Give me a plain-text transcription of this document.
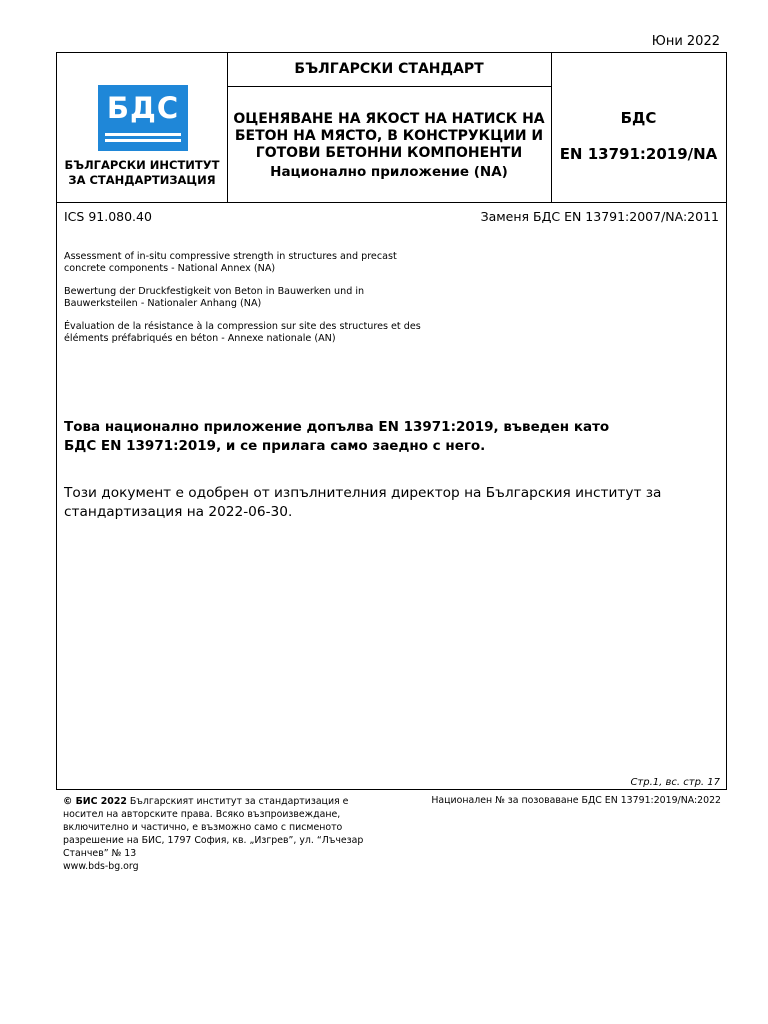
Юни 2022
БДС
БЪЛГАРСКИ ИНСТИТУТ ЗА СТАНДАРТИЗАЦИЯ
БЪЛГАРСКИ СТАНДАРТ
ОЦЕНЯВАНЕ НА ЯКОСТ НА НАТИСК НА БЕТОН НА МЯСТО, В КОНСТРУКЦИИ И ГОТОВИ БЕТОННИ КОМПОНЕНТИ
Национално приложение (NA)
БДС
EN 13791:2019/NA
ICS 91.080.40	Заменя БДС EN 13791:2007/NA:2011

Assessment of in-situ compressive strength in structures and precast concrete components - National Annex (NA)

Bewertung der Druckfestigkeit von Beton in Bauwerken und in Bauwerksteilen - Nationaler Anhang (NA)

Évaluation de la résistance à la compression sur site des structures et des éléments préfabriqués en béton - Annexe nationale (AN)

Това национално приложение допълва EN 13971:2019, въведен като БДС EN 13971:2019, и се прилага само заедно с него.
Този документ е одобрен от изпълнителния директор на Българския институт за стандартизация на 2022-06-30.
Стр.1, вс. стр. 17
© БИС 2022 Българският институт за стандартизация е носител на авторските права. Всяко възпроизвеждане, включително и частично, е възможно само с писменото разрешение на БИС, 1797 София, кв. „Изгрев”, ул. “Лъчезар Станчев” № 13
www.bds-bg.org
Национален № за позоваване БДС EN 13791:2019/NA:2022
